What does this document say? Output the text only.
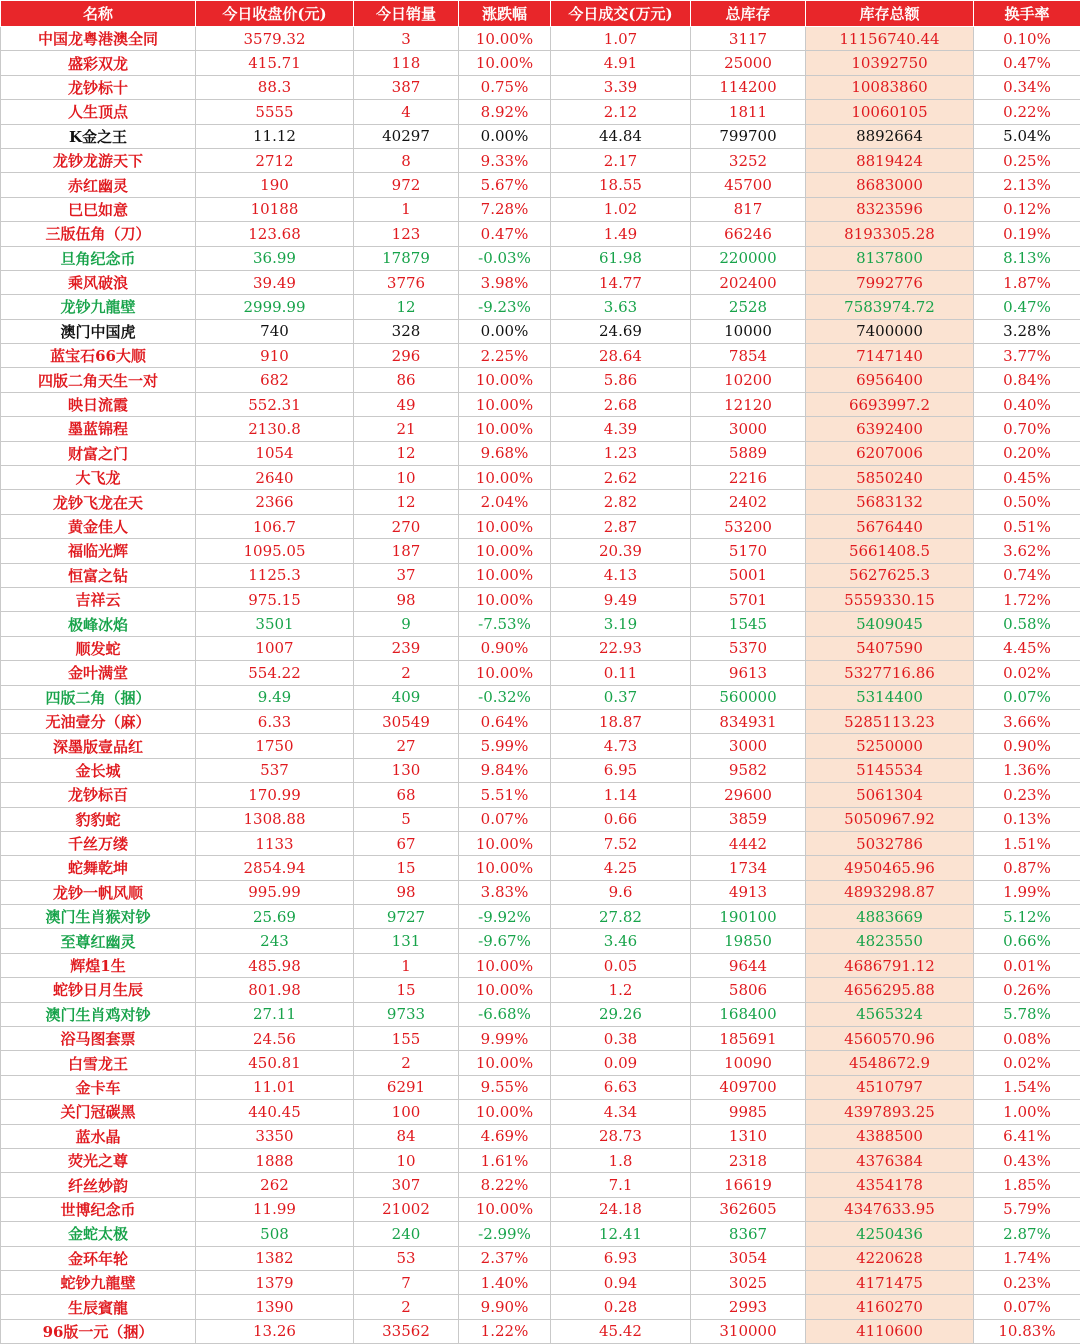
名称	今日收盘价(元)	今日销量	涨跌幅	今日成交(万元)	总库存	库存总额	换手率
中国龙粤港澳全同	3579.32	3	10.00%	1.07	3117	11156740.44	0.10%
盛彩双龙	415.71	118	10.00%	4.91	25000	10392750	0.47%
龙钞标十	88.3	387	0.75%	3.39	114200	10083860	0.34%
人生顶点	5555	4	8.92%	2.12	1811	10060105	0.22%
K金之王	11.12	40297	0.00%	44.84	799700	8892664	5.04%
龙钞龙游天下	2712	8	9.33%	2.17	3252	8819424	0.25%
赤红幽灵	190	972	5.67%	18.55	45700	8683000	2.13%
巳巳如意	10188	1	7.28%	1.02	817	8323596	0.12%
三版伍角（刀）	123.68	123	0.47%	1.49	66246	8193305.28	0.19%
旦角纪念币	36.99	17879	-0.03%	61.98	220000	8137800	8.13%
乘风破浪	39.49	3776	3.98%	14.77	202400	7992776	1.87%
龙钞九龍壁	2999.99	12	-9.23%	3.63	2528	7583974.72	0.47%
澳门中国虎	740	328	0.00%	24.69	10000	7400000	3.28%
蓝宝石66大顺	910	296	2.25%	28.64	7854	7147140	3.77%
四版二角天生一对	682	86	10.00%	5.86	10200	6956400	0.84%
映日流霞	552.31	49	10.00%	2.68	12120	6693997.2	0.40%
墨蓝锦程	2130.8	21	10.00%	4.39	3000	6392400	0.70%
财富之门	1054	12	9.68%	1.23	5889	6207006	0.20%
大飞龙	2640	10	10.00%	2.62	2216	5850240	0.45%
龙钞飞龙在天	2366	12	2.04%	2.82	2402	5683132	0.50%
黄金佳人	106.7	270	10.00%	2.87	53200	5676440	0.51%
福临光辉	1095.05	187	10.00%	20.39	5170	5661408.5	3.62%
恒富之钻	1125.3	37	10.00%	4.13	5001	5627625.3	0.74%
吉祥云	975.15	98	10.00%	9.49	5701	5559330.15	1.72%
极峰冰焰	3501	9	-7.53%	3.19	1545	5409045	0.58%
顺发蛇	1007	239	0.90%	22.93	5370	5407590	4.45%
金叶满堂	554.22	2	10.00%	0.11	9613	5327716.86	0.02%
四版二角（捆）	9.49	409	-0.32%	0.37	560000	5314400	0.07%
无油壹分（麻）	6.33	30549	0.64%	18.87	834931	5285113.23	3.66%
深墨版壹品红	1750	27	5.99%	4.73	3000	5250000	0.90%
金长城	537	130	9.84%	6.95	9582	5145534	1.36%
龙钞标百	170.99	68	5.51%	1.14	29600	5061304	0.23%
豹豹蛇	1308.88	5	0.07%	0.66	3859	5050967.92	0.13%
千丝万缕	1133	67	10.00%	7.52	4442	5032786	1.51%
蛇舞乾坤	2854.94	15	10.00%	4.25	1734	4950465.96	0.87%
龙钞一帆风顺	995.99	98	3.83%	9.6	4913	4893298.87	1.99%
澳门生肖猴对钞	25.69	9727	-9.92%	27.82	190100	4883669	5.12%
至尊红幽灵	243	131	-9.67%	3.46	19850	4823550	0.66%
辉煌1生	485.98	1	10.00%	0.05	9644	4686791.12	0.01%
蛇钞日月生辰	801.98	15	10.00%	1.2	5806	4656295.88	0.26%
澳门生肖鸡对钞	27.11	9733	-6.68%	29.26	168400	4565324	5.78%
浴马图套票	24.56	155	9.99%	0.38	185691	4560570.96	0.08%
白雪龙王	450.81	2	10.00%	0.09	10090	4548672.9	0.02%
金卡车	11.01	6291	9.55%	6.63	409700	4510797	1.54%
关门冠碳黑	440.45	100	10.00%	4.34	9985	4397893.25	1.00%
蓝水晶	3350	84	4.69%	28.73	1310	4388500	6.41%
荧光之尊	1888	10	1.61%	1.8	2318	4376384	0.43%
纤丝妙韵	262	307	8.22%	7.1	16619	4354178	1.85%
世博纪念币	11.99	21002	10.00%	24.18	362605	4347633.95	5.79%
金蛇太极	508	240	-2.99%	12.41	8367	4250436	2.87%
金环年轮	1382	53	2.37%	6.93	3054	4220628	1.74%
蛇钞九龍壁	1379	7	1.40%	0.94	3025	4171475	0.23%
生辰賓龍	1390	2	9.90%	0.28	2993	4160270	0.07%
96版一元（捆）	13.26	33562	1.22%	45.42	310000	4110600	10.83%
